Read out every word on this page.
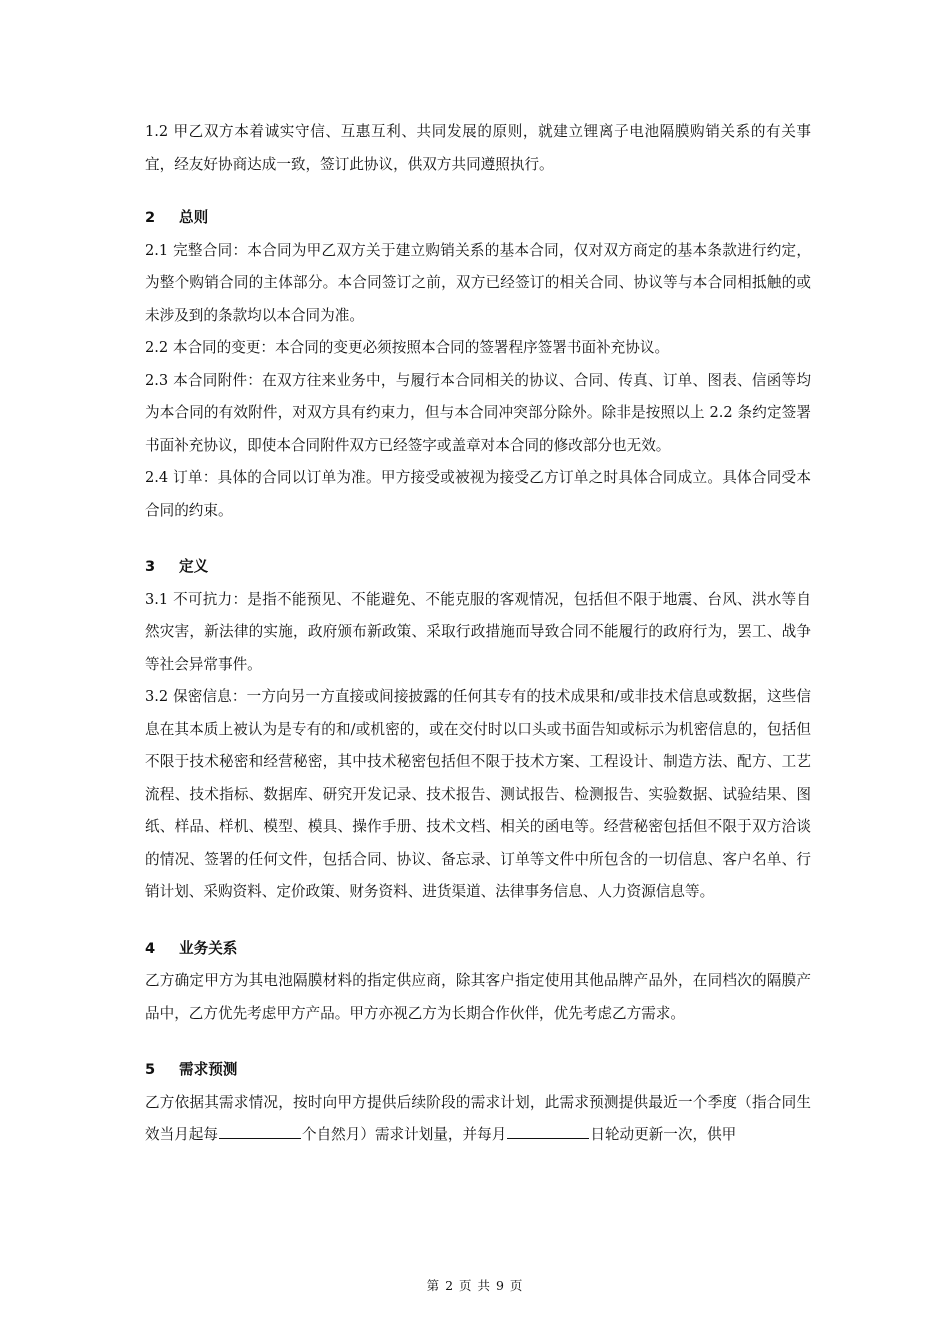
1.2 甲乙双方本着诚实守信、互惠互利、共同发展的原则，就建立锂离子电池隔膜购销关系的有关事宜，经友好协商达成一致，签订此协议，供双方共同遵照执行。

2 总则

2.1 完整合同：本合同为甲乙双方关于建立购销关系的基本合同，仅对双方商定的基本条款进行约定，为整个购销合同的主体部分。本合同签订之前，双方已经签订的相关合同、协议等与本合同相抵触的或未涉及到的条款均以本合同为准。

2.2 本合同的变更：本合同的变更必须按照本合同的签署程序签署书面补充协议。

2.3 本合同附件：在双方往来业务中，与履行本合同相关的协议、合同、传真、订单、图表、信函等均为本合同的有效附件，对双方具有约束力，但与本合同冲突部分除外。除非是按照以上 2.2 条约定签署书面补充协议，即使本合同附件双方已经签字或盖章对本合同的修改部分也无效。

2.4 订单：具体的合同以订单为准。甲方接受或被视为接受乙方订单之时具体合同成立。具体合同受本合同的约束。

3 定义

3.1 不可抗力：是指不能预见、不能避免、不能克服的客观情况，包括但不限于地震、台风、洪水等自然灾害，新法律的实施，政府颁布新政策、采取行政措施而导致合同不能履行的政府行为，罢工、战争等社会异常事件。

3.2 保密信息：一方向另一方直接或间接披露的任何其专有的技术成果和/或非技术信息或数据，这些信息在其本质上被认为是专有的和/或机密的，或在交付时以口头或书面告知或标示为机密信息的，包括但不限于技术秘密和经营秘密，其中技术秘密包括但不限于技术方案、工程设计、制造方法、配方、工艺流程、技术指标、数据库、研究开发记录、技术报告、测试报告、检测报告、实验数据、试验结果、图纸、样品、样机、模型、模具、操作手册、技术文档、相关的函电等。经营秘密包括但不限于双方洽谈的情况、签署的任何文件，包括合同、协议、备忘录、订单等文件中所包含的一切信息、客户名单、行销计划、采购资料、定价政策、财务资料、进货渠道、法律事务信息、人力资源信息等。

4 业务关系

乙方确定甲方为其电池隔膜材料的指定供应商，除其客户指定使用其他品牌产品外，在同档次的隔膜产品中，乙方优先考虑甲方产品。甲方亦视乙方为长期合作伙伴，优先考虑乙方需求。

5 需求预测

乙方依据其需求情况，按时向甲方提供后续阶段的需求计划，此需求预测提供最近一个季度（指合同生效当月起每	个自然月）需求计划量，并每月	日轮动更新一次，供甲

第 2 页 共 9 页
